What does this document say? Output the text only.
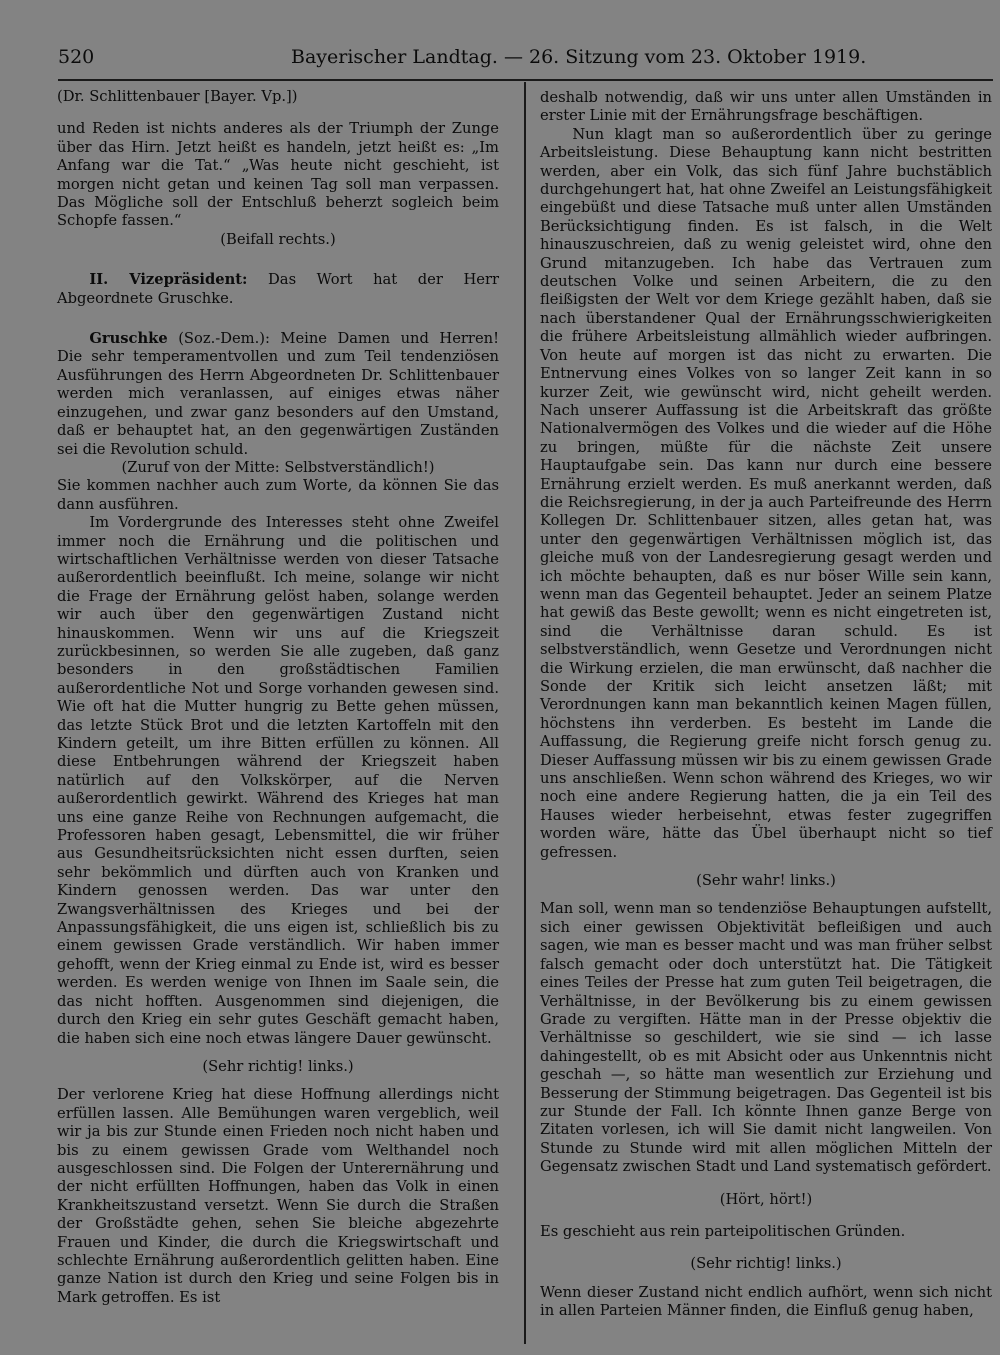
520	Bayerischer Landtag. — 26. Sitzung vom 23. Oktober 1919.

(Dr. Schlittenbauer [Bayer. Vp.])

und Reden ist nichts anderes als der Triumph der Zunge über das Hirn. Jetzt heißt es handeln, jetzt heißt es: „Im Anfang war die Tat.“ „Was heute nicht geschieht, ist morgen nicht getan und keinen Tag soll man verpassen. Das Mögliche soll der Entschluß beherzt sogleich beim Schopfe fassen.“

(Beifall rechts.)

II. Vizepräsident: Das Wort hat der Herr Abgeordnete Gruschke.

Gruschke (Soz.-Dem.): Meine Damen und Herren! Die sehr temperamentvollen und zum Teil tendenziösen Ausführungen des Herrn Abgeordneten Dr. Schlittenbauer werden mich veranlassen, auf einiges etwas näher einzugehen, und zwar ganz besonders auf den Umstand, daß er behauptet hat, an den gegenwärtigen Zuständen sei die Revolution schuld.

(Zuruf von der Mitte: Selbstverständlich!)

Sie kommen nachher auch zum Worte, da können Sie das dann ausführen.

Im Vordergrunde des Interesses steht ohne Zweifel immer noch die Ernährung und die politischen und wirtschaftlichen Verhältnisse werden von dieser Tatsache außerordentlich beeinflußt. Ich meine, solange wir nicht die Frage der Ernährung gelöst haben, solange werden wir auch über den gegenwärtigen Zustand nicht hinauskommen. Wenn wir uns auf die Kriegszeit zurückbesinnen, so werden Sie alle zugeben, daß ganz besonders in den großstädtischen Familien außerordentliche Not und Sorge vorhanden gewesen sind. Wie oft hat die Mutter hungrig zu Bette gehen müssen, das letzte Stück Brot und die letzten Kartoffeln mit den Kindern geteilt, um ihre Bitten erfüllen zu können. All diese Entbehrungen während der Kriegszeit haben natürlich auf den Volkskörper, auf die Nerven außerordentlich gewirkt. Während des Krieges hat man uns eine ganze Reihe von Rechnungen aufgemacht, die Professoren haben gesagt, Lebensmittel, die wir früher aus Gesundheitsrücksichten nicht essen durften, seien sehr bekömmlich und dürften auch von Kranken und Kindern genossen werden. Das war unter den Zwangsverhältnissen des Krieges und bei der Anpassungsfähigkeit, die uns eigen ist, schließlich bis zu einem gewissen Grade verständlich. Wir haben immer gehofft, wenn der Krieg einmal zu Ende ist, wird es besser werden. Es werden wenige von Ihnen im Saale sein, die das nicht hofften. Ausgenommen sind diejenigen, die durch den Krieg ein sehr gutes Geschäft gemacht haben, die haben sich eine noch etwas längere Dauer gewünscht.

(Sehr richtig! links.)

Der verlorene Krieg hat diese Hoffnung allerdings nicht erfüllen lassen. Alle Bemühungen waren vergeblich, weil wir ja bis zur Stunde einen Frieden noch nicht haben und bis zu einem gewissen Grade vom Welthandel noch ausgeschlossen sind. Die Folgen der Unterernährung und der nicht erfüllten Hoffnungen, haben das Volk in einen Krankheitszustand versetzt. Wenn Sie durch die Straßen der Großstädte gehen, sehen Sie bleiche abgezehrte Frauen und Kinder, die durch die Kriegswirtschaft und schlechte Ernährung außerordentlich gelitten haben. Eine ganze Nation ist durch den Krieg und seine Folgen bis in Mark getroffen. Es ist

deshalb notwendig, daß wir uns unter allen Umständen in erster Linie mit der Ernährungsfrage beschäftigen.

Nun klagt man so außerordentlich über zu geringe Arbeitsleistung. Diese Behauptung kann nicht bestritten werden, aber ein Volk, das sich fünf Jahre buchstäblich durchgehungert hat, hat ohne Zweifel an Leistungsfähigkeit eingebüßt und diese Tatsache muß unter allen Umständen Berücksichtigung finden. Es ist falsch, in die Welt hinauszuschreien, daß zu wenig geleistet wird, ohne den Grund mitanzugeben. Ich habe das Vertrauen zum deutschen Volke und seinen Arbeitern, die zu den fleißigsten der Welt vor dem Kriege gezählt haben, daß sie nach überstandener Qual der Ernährungsschwierigkeiten die frühere Arbeitsleistung allmählich wieder aufbringen. Von heute auf morgen ist das nicht zu erwarten. Die Entnervung eines Volkes von so langer Zeit kann in so kurzer Zeit, wie gewünscht wird, nicht geheilt werden. Nach unserer Auffassung ist die Arbeitskraft das größte Nationalvermögen des Volkes und die wieder auf die Höhe zu bringen, müßte für die nächste Zeit unsere Hauptaufgabe sein. Das kann nur durch eine bessere Ernährung erzielt werden. Es muß anerkannt werden, daß die Reichsregierung, in der ja auch Parteifreunde des Herrn Kollegen Dr. Schlittenbauer sitzen, alles getan hat, was unter den gegenwärtigen Verhältnissen möglich ist, das gleiche muß von der Landesregierung gesagt werden und ich möchte behaupten, daß es nur böser Wille sein kann, wenn man das Gegenteil behauptet. Jeder an seinem Platze hat gewiß das Beste gewollt; wenn es nicht eingetreten ist, sind die Verhältnisse daran schuld. Es ist selbstverständlich, wenn Gesetze und Verordnungen nicht die Wirkung erzielen, die man erwünscht, daß nachher die Sonde der Kritik sich leicht ansetzen läßt; mit Verordnungen kann man bekanntlich keinen Magen füllen, höchstens ihn verderben. Es besteht im Lande die Auffassung, die Regierung greife nicht forsch genug zu. Dieser Auffassung müssen wir bis zu einem gewissen Grade uns anschließen. Wenn schon während des Krieges, wo wir noch eine andere Regierung hatten, die ja ein Teil des Hauses wieder herbeisehnt, etwas fester zugegriffen worden wäre, hätte das Übel überhaupt nicht so tief gefressen.

(Sehr wahr! links.)

Man soll, wenn man so tendenziöse Behauptungen aufstellt, sich einer gewissen Objektivität befleißigen und auch sagen, wie man es besser macht und was man früher selbst falsch gemacht oder doch unterstützt hat. Die Tätigkeit eines Teiles der Presse hat zum guten Teil beigetragen, die Verhältnisse, in der Bevölkerung bis zu einem gewissen Grade zu vergiften. Hätte man in der Presse objektiv die Verhältnisse so geschildert, wie sie sind — ich lasse dahingestellt, ob es mit Absicht oder aus Unkenntnis nicht geschah —, so hätte man wesentlich zur Erziehung und Besserung der Stimmung beigetragen. Das Gegenteil ist bis zur Stunde der Fall. Ich könnte Ihnen ganze Berge von Zitaten vorlesen, ich will Sie damit nicht langweilen. Von Stunde zu Stunde wird mit allen möglichen Mitteln der Gegensatz zwischen Stadt und Land systematisch gefördert.

(Hört, hört!)

Es geschieht aus rein parteipolitischen Gründen.

(Sehr richtig! links.)

Wenn dieser Zustand nicht endlich aufhört, wenn sich nicht in allen Parteien Männer finden, die Einfluß genug haben,
